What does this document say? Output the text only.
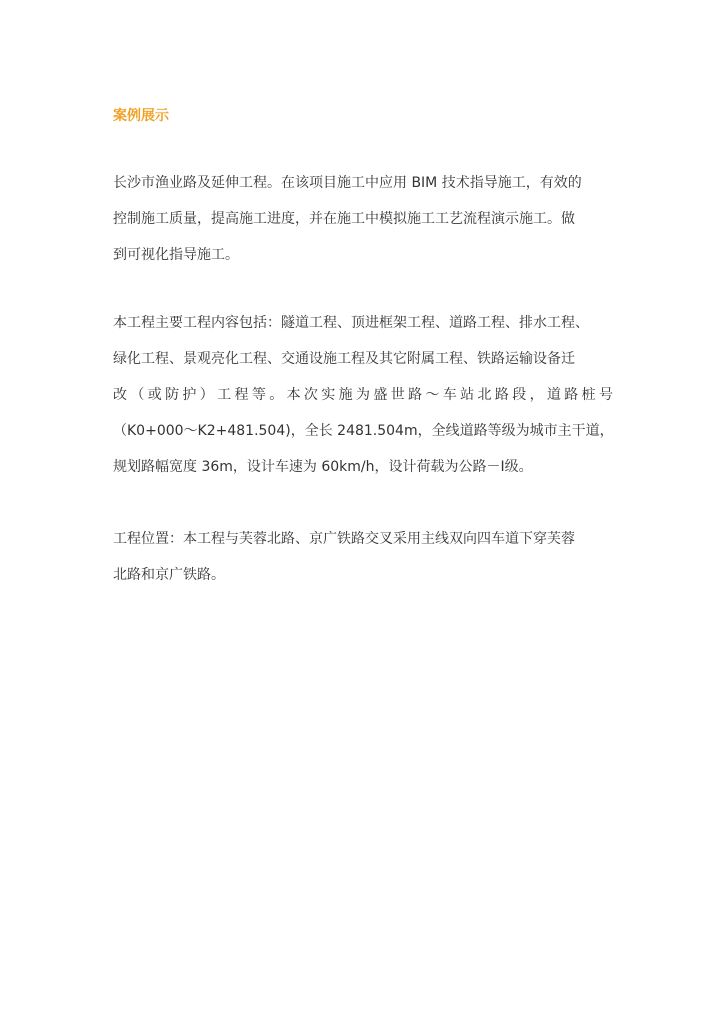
案例展示
长沙市渔业路及延伸工程。在该项目施工中应用 BIM 技术指导施工，有效的
控制施工质量，提高施工进度，并在施工中模拟施工工艺流程演示施工。做
到可视化指导施工。
本工程主要工程内容包括：隧道工程、顶进框架工程、道路工程、排水工程、
绿化工程、景观亮化工程、交通设施工程及其它附属工程、铁路运输设备迁
改（或防护）工程等。本次实施为盛世路～车站北路段，道路桩号
（K0+000～K2+481.504)，全长 2481.504m，全线道路等级为城市主干道，
规划路幅宽度 36m，设计车速为 60km/h，设计荷载为公路－Ⅰ级。
工程位置：本工程与芙蓉北路、京广铁路交叉采用主线双向四车道下穿芙蓉
北路和京广铁路。
